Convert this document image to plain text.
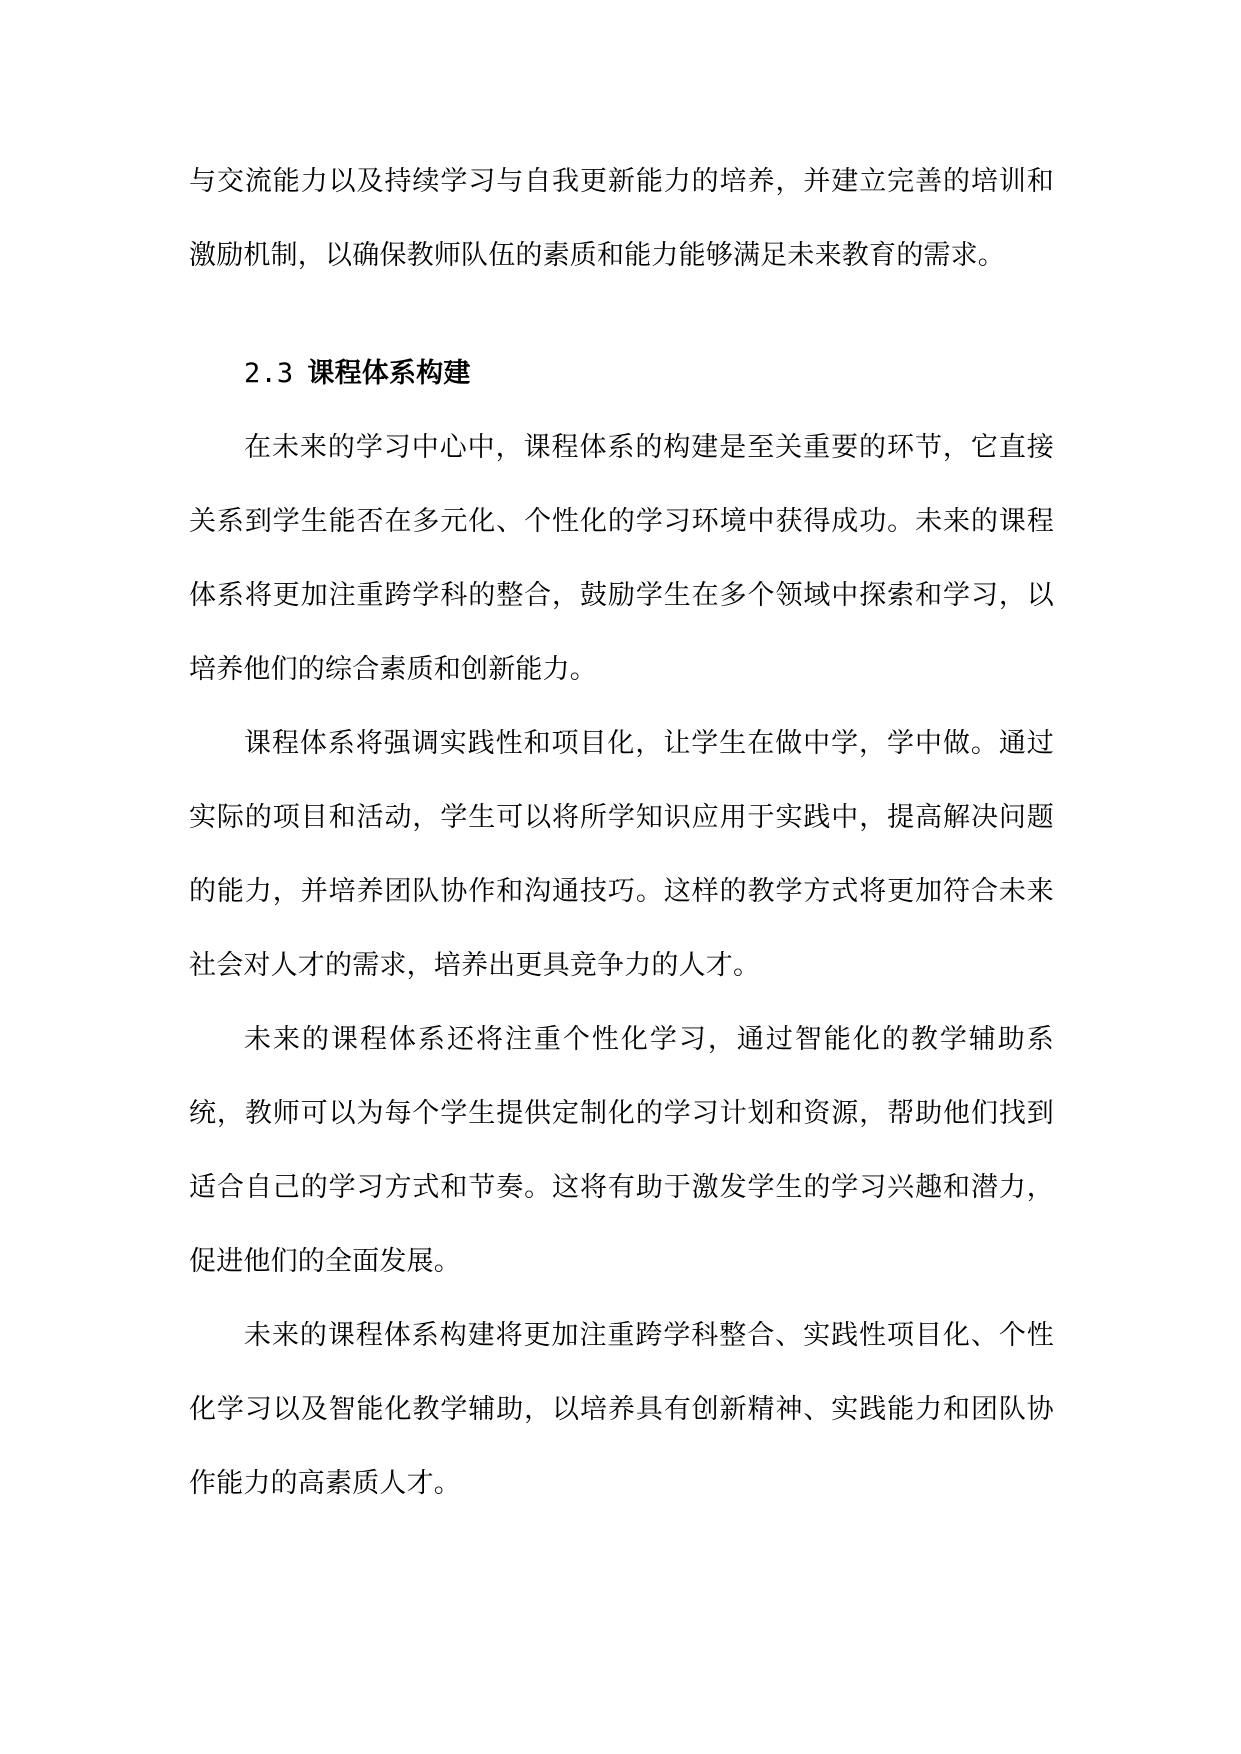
与交流能力以及持续学习与自我更新能力的培养，并建立完善的培训和激励机制，以确保教师队伍的素质和能力能够满足未来教育的需求。

2.3 课程体系构建

在未来的学习中心中，课程体系的构建是至关重要的环节，它直接关系到学生能否在多元化、个性化的学习环境中获得成功。未来的课程体系将更加注重跨学科的整合，鼓励学生在多个领域中探索和学习，以培养他们的综合素质和创新能力。

课程体系将强调实践性和项目化，让学生在做中学，学中做。通过实际的项目和活动，学生可以将所学知识应用于实践中，提高解决问题的能力，并培养团队协作和沟通技巧。这样的教学方式将更加符合未来社会对人才的需求，培养出更具竞争力的人才。

未来的课程体系还将注重个性化学习，通过智能化的教学辅助系统，教师可以为每个学生提供定制化的学习计划和资源，帮助他们找到适合自己的学习方式和节奏。这将有助于激发学生的学习兴趣和潜力，促进他们的全面发展。

未来的课程体系构建将更加注重跨学科整合、实践性项目化、个性化学习以及智能化教学辅助，以培养具有创新精神、实践能力和团队协作能力的高素质人才。
